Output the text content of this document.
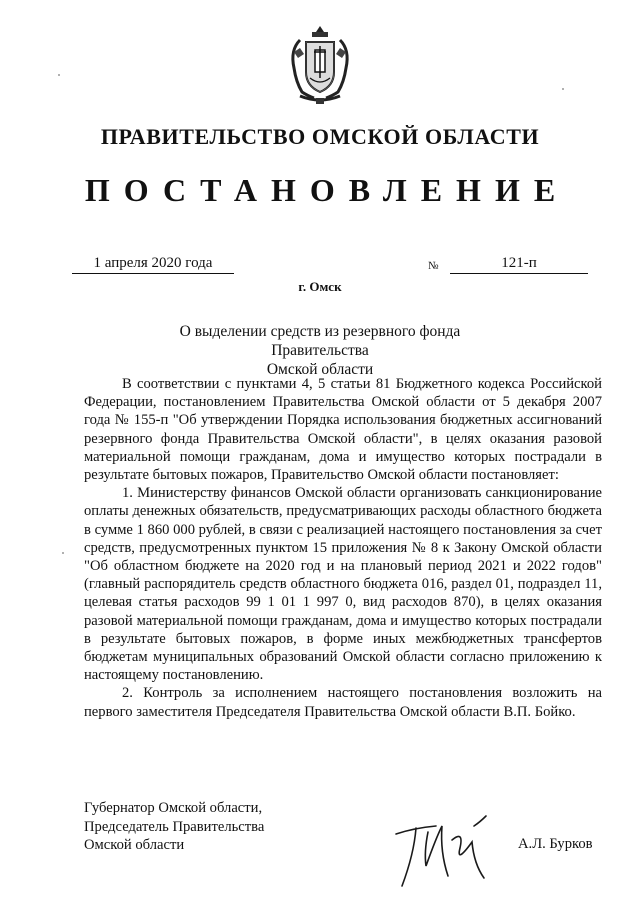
ПРАВИТЕЛЬСТВО ОМСКОЙ ОБЛАСТИ
ПОСТАНОВЛЕНИЕ
1 апреля 2020 года	№	121-п
г. Омск
О выделении средств из резервного фонда Правительства
Омской области

В соответствии с пунктами 4, 5 статьи 81 Бюджетного кодекса Российской Федерации, постановлением Правительства Омской области от 5 декабря 2007 года № 155-п "Об утверждении Порядка использования бюджетных ассигнований резервного фонда Правительства Омской области", в целях оказания разовой материальной помощи гражданам, дома и имущество которых пострадали в результате бытовых пожаров, Правительство Омской области постановляет:

1. Министерству финансов Омской области организовать санкционирование оплаты денежных обязательств, предусматривающих расходы областного бюджета в сумме 1 860 000 рублей, в связи с реализацией настоящего постановления за счет средств, предусмотренных пунктом 15 приложения № 8 к Закону Омской области "Об областном бюджете на 2020 год и на плановый период 2021 и 2022 годов" (главный распорядитель средств областного бюджета 016, раздел 01, подраздел 11, целевая статья расходов 99 1 01 1 997 0, вид расходов 870), в целях оказания разовой материальной помощи гражданам, дома и имущество которых пострадали в результате бытовых пожаров, в форме иных межбюджетных трансфертов бюджетам муниципальных образований Омской области согласно приложению к настоящему постановлению.

2. Контроль за исполнением настоящего постановления возложить на первого заместителя Председателя Правительства Омской области В.П. Бойко.

Губернатор Омской области,
Председатель Правительства
Омской области	А.Л. Бурков
